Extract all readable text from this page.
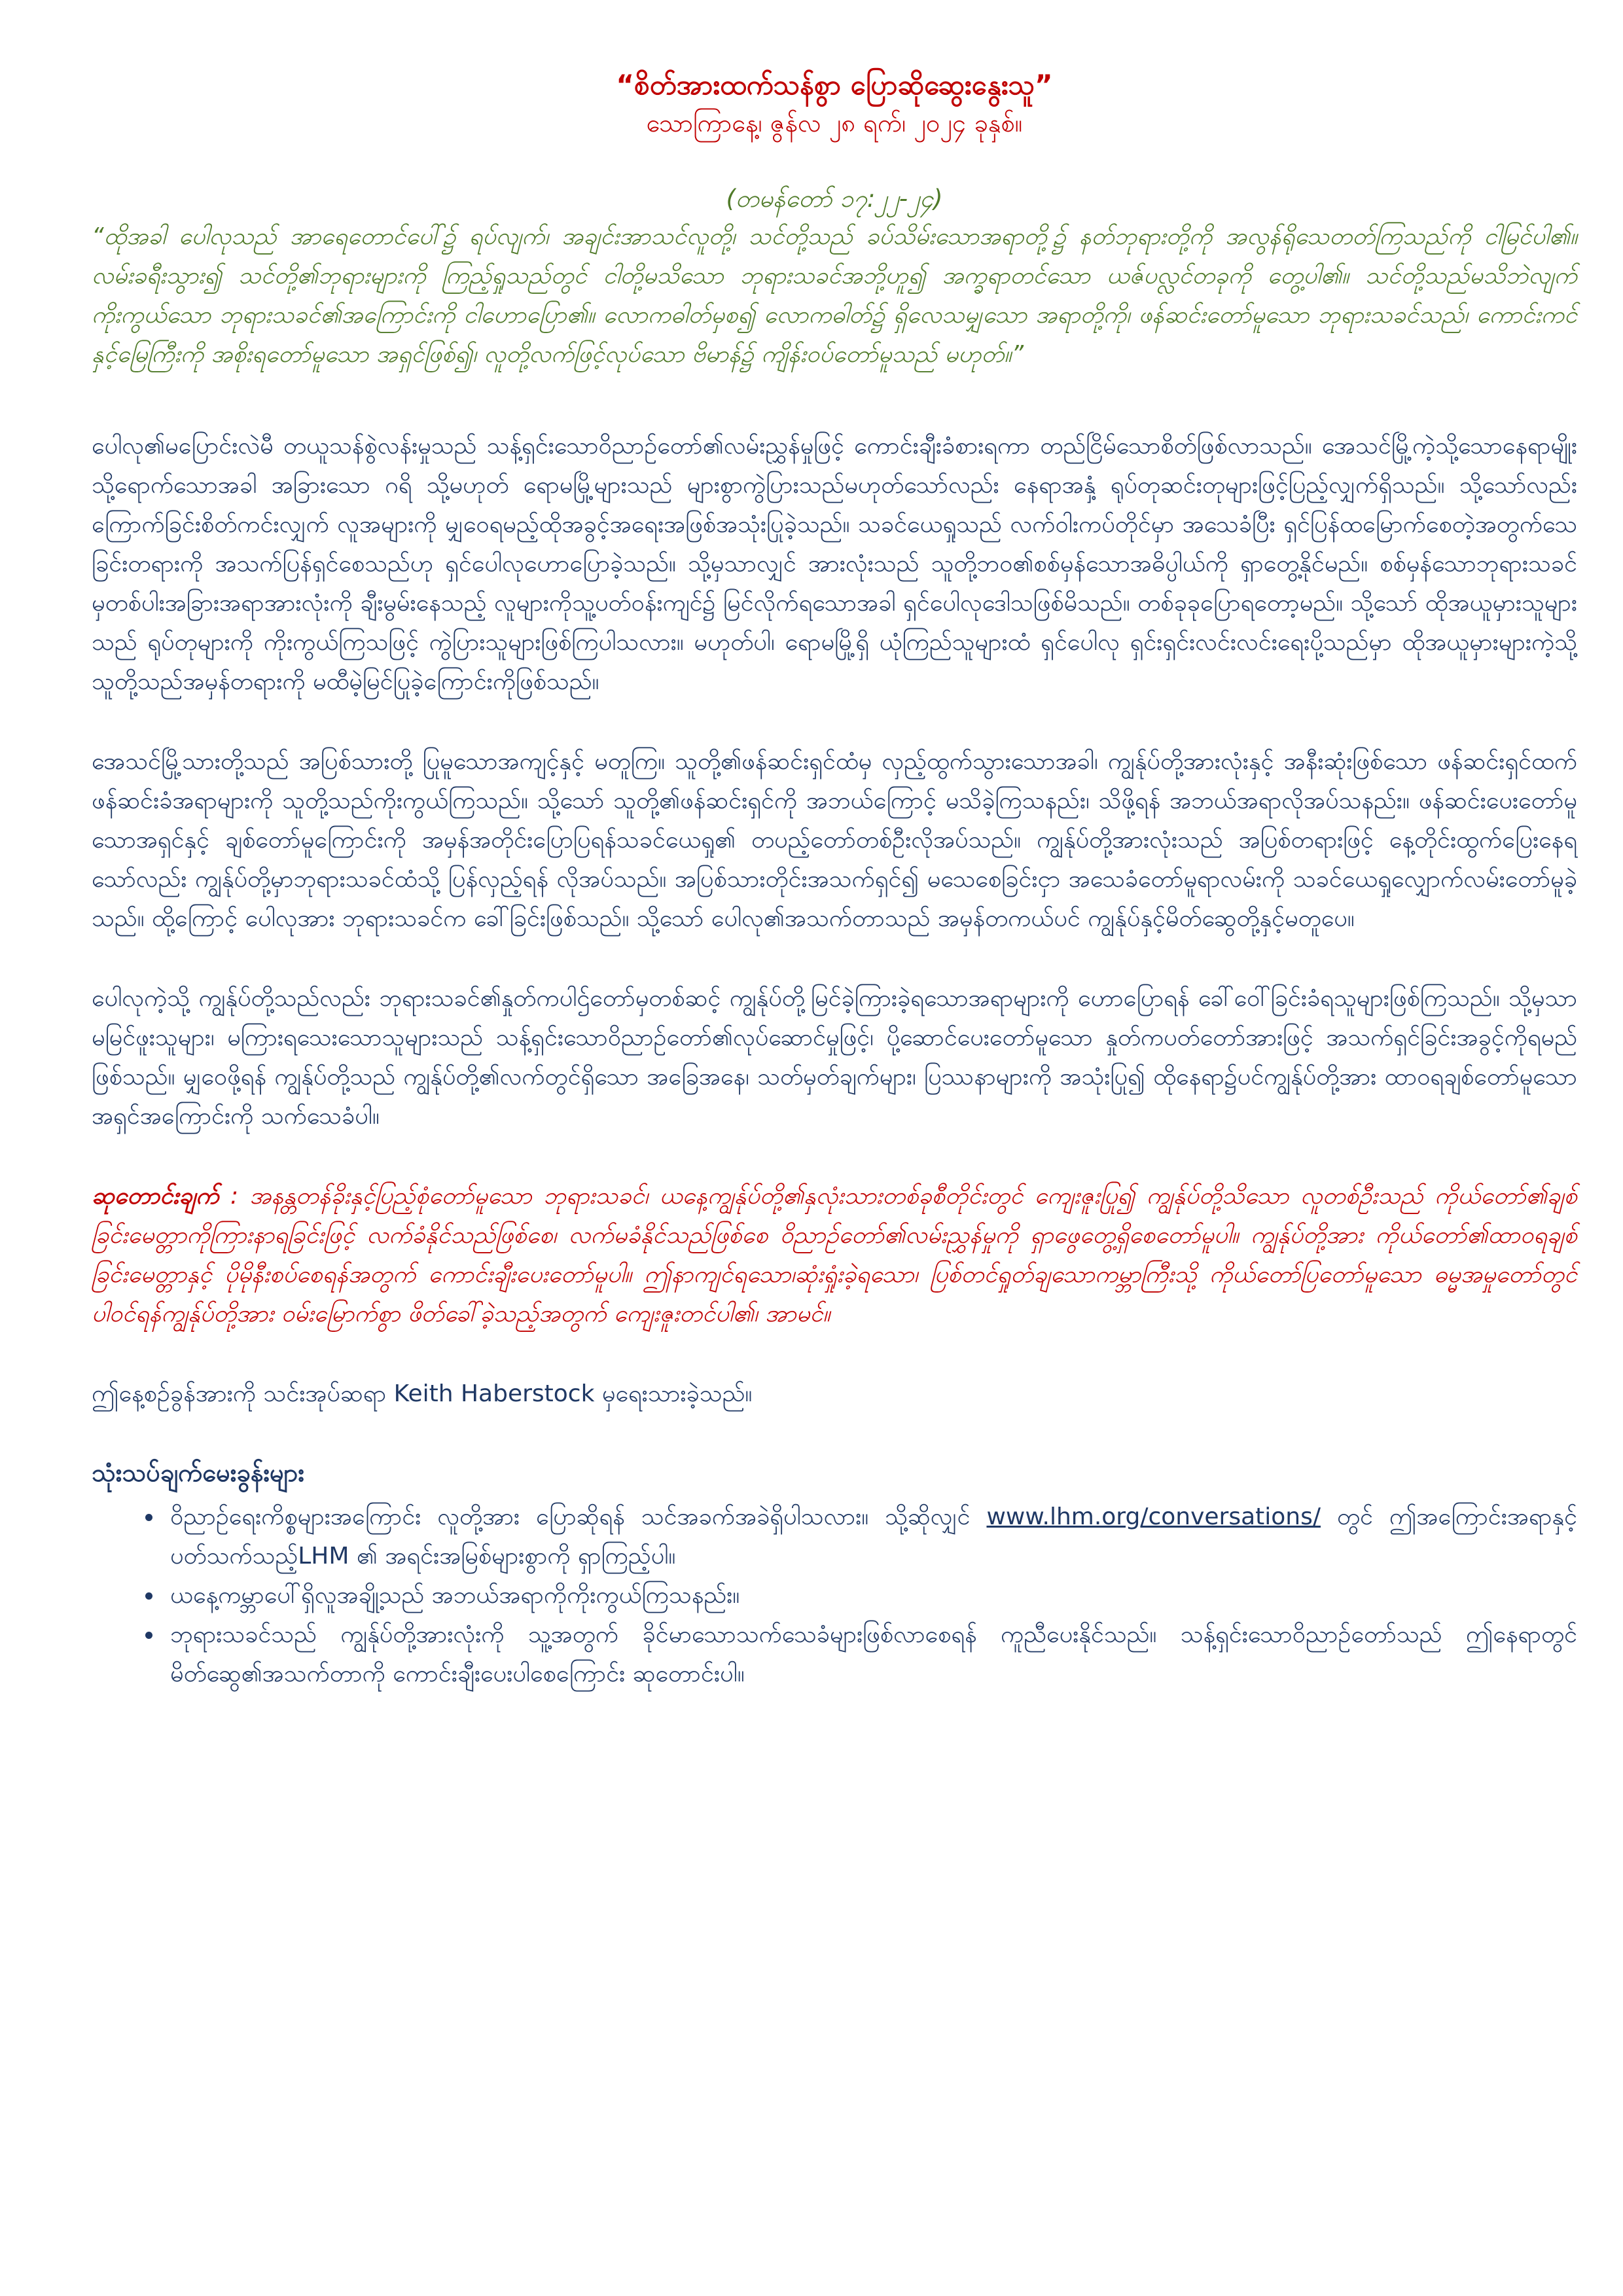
“စိတ်အားထက်သန်စွာ ပြောဆိုဆွေးနွေးသူ”

သောကြာနေ့၊ ဇွန်လ ၂၈ ရက်၊ ၂၀၂၄ ခုနှစ်။

(တမန်တော် ၁၇:၂၂-၂၄)

“ထိုအခါ ပေါလုသည် အာရေတောင်ပေါ်၌ ရပ်လျက်၊ အချင်းအာသင်လူတို့၊ သင်တို့သည် ခပ်သိမ်းသောအရာတို့၌ နတ်ဘုရားတို့ကို အလွန်ရိုသေတတ်ကြသည်ကို ငါမြင်ပါ၏။ လမ်းခရီးသွား၍ သင်တို့၏ဘုရားများကို ကြည့်ရှုသည်တွင် ငါတို့မသိသော ဘုရားသခင်အဘို့ဟူ၍ အက္ခရာတင်သော ယဇ်ပလ္လင်တခုကို တွေ့ပါ၏။ သင်တို့သည်မသိဘဲလျက်ကိုးကွယ်သော ဘုရားသခင်၏အကြောင်းကို ငါဟောပြော၏။ လောကဓါတ်မှစ၍ လောကဓါတ်၌ ရှိလေသမျှသော အရာတို့ကို၊ ဖန်ဆင်းတော်မူသော ဘုရားသခင်သည်၊ ကောင်းကင်နှင့်မြေကြီးကို အစိုးရတော်မူသော အရှင်ဖြစ်၍၊ လူတို့လက်ဖြင့်လုပ်သော ဗိမာန်၌ ကျိန်းဝပ်တော်မူသည် မဟုတ်။”

ပေါလု၏မပြောင်းလဲမီ တယူသန်စွဲလန်းမှုသည် သန့်ရှင်းသောဝိညာဉ်တော်၏လမ်းညွှန်မှုဖြင့် ကောင်းချီးခံစားရကာ တည်ငြိမ်သောစိတ်ဖြစ်လာသည်။ အေသင်မြို့ကဲ့သို့သောနေရာမျိုးသို့ရောက်သောအခါ အခြားသော ဂရိ သို့မဟုတ် ရောမမြို့များသည် များစွာကွဲပြားသည်မဟုတ်သော်လည်း နေရာအနှံ့ ရုပ်တုဆင်းတုများဖြင့်ပြည့်လျှက်ရှိသည်။ သို့သော်လည်း ကြောက်ခြင်းစိတ်ကင်းလျှက် လူအများကို မျှဝေရမည့်ထိုအခွင့်အရေးအဖြစ်အသုံးပြုခဲ့သည်။ သခင်ယေရှုသည် လက်ဝါးကပ်တိုင်မှာ အသေခံပြီး ရှင်ပြန်ထမြောက်စေတဲ့အတွက်သေခြင်းတရားကို အသက်ပြန်ရှင်စေသည်ဟု ရှင်ပေါလုဟောပြောခဲ့သည်။ သို့မှသာလျှင် အားလုံးသည် သူတို့ဘဝ၏စစ်မှန်သောအဓိပ္ပါယ်ကို ရှာတွေ့နိုင်မည်။ စစ်မှန်သောဘုရားသခင်မှတစ်ပါးအခြားအရာအားလုံးကို ချီးမွမ်းနေသည့် လူများကိုသူ့ပတ်ဝန်းကျင်၌ မြင်လိုက်ရသောအခါ ရှင်ပေါလုဒေါသဖြစ်မိသည်။ တစ်ခုခုပြောရတော့မည်။ သို့သော် ထိုအယူမှားသူများသည် ရုပ်တုများကို ကိုးကွယ်ကြသဖြင့် ကွဲပြားသူများဖြစ်ကြပါသလား။ မဟုတ်ပါ၊ ရောမမြို့ရှိ ယုံကြည်သူများထံ ရှင်ပေါလု ရှင်းရှင်းလင်းလင်းရေးပို့သည်မှာ ထိုအယူမှားများကဲ့သို့ သူတို့သည်အမှန်တရားကို မထီမဲ့မြင်ပြုခဲ့ကြောင်းကိုဖြစ်သည်။

အေသင်မြို့သားတို့သည် အပြစ်သားတို့ ပြုမူသောအကျင့်နှင့် မတူကြ။ သူတို့၏ဖန်ဆင်းရှင်ထံမှ လှည့်ထွက်သွားသောအခါ၊ ကျွန်ုပ်တို့အားလုံးနှင့် အနီးဆုံးဖြစ်သော ဖန်ဆင်းရှင်ထက် ဖန်ဆင်းခံအရာများကို သူတို့သည်ကိုးကွယ်ကြသည်။ သို့သော် သူတို့၏ဖန်ဆင်းရှင်ကို အဘယ်ကြောင့် မသိခဲ့ကြသနည်း၊ သိဖို့ရန် အဘယ်အရာလိုအပ်သနည်း။ ဖန်ဆင်းပေးတော်မူသောအရှင်နှင့် ချစ်တော်မူကြောင်းကို အမှန်အတိုင်းပြောပြရန်သခင်ယေရှု၏ တပည့်တော်တစ်ဦးလိုအပ်သည်။ ကျွန်ုပ်တို့အားလုံးသည် အပြစ်တရားဖြင့် နေ့တိုင်းထွက်ပြေးနေရသော်လည်း ကျွန်ုပ်တို့မှာဘုရားသခင်ထံသို့ ပြန်လှည့်ရန် လိုအပ်သည်။ အပြစ်သားတိုင်းအသက်ရှင်၍ မသေစေခြင်းငှာ အသေခံတော်မူရာလမ်းကို သခင်ယေရှုလျှောက်လမ်းတော်မူခဲ့သည်။ ထို့ကြောင့် ပေါလုအား ဘုရားသခင်က ခေါ်ခြင်းဖြစ်သည်။ သို့သော် ပေါလု၏အသက်တာသည် အမှန်တကယ်ပင် ကျွန်ုပ်နှင့်မိတ်ဆွေတို့နှင့်မတူပေ။

ပေါလုကဲ့သို့ ကျွန်ုပ်တို့သည်လည်း ဘုရားသခင်၏နှုတ်ကပါဌ်တော်မှတစ်ဆင့် ကျွန်ုပ်တို့မြင်ခဲ့ကြားခဲ့ရသောအရာများကို ဟောပြောရန် ခေါ်ဝေါ်ခြင်းခံရသူများဖြစ်ကြသည်။ သို့မှသာ မမြင်ဖူးသူများ၊ မကြားရသေးသောသူများသည် သန့်ရှင်းသောဝိညာဉ်တော်၏လုပ်ဆောင်မှုဖြင့်၊ ပို့ဆောင်ပေးတော်မူသော နှုတ်ကပတ်တော်အားဖြင့် အသက်ရှင်ခြင်းအခွင့်ကိုရမည်ဖြစ်သည်။ မျှဝေဖို့ရန် ကျွန်ုပ်တို့သည် ကျွန်ုပ်တို့၏လက်တွင်ရှိသော အခြေအနေ၊ သတ်မှတ်ချက်များ၊ ပြဿနာများကို အသုံးပြု၍ ထိုနေရာ၌ပင်ကျွန်ုပ်တို့အား ထာဝရချစ်တော်မူသောအရှင်အကြောင်းကို သက်သေခံပါ။

ဆုတောင်းချက် : အနန္တတန်ခိုးနှင့်ပြည့်စုံတော်မူသော ဘုရားသခင်၊ ယနေ့ကျွန်ုပ်တို့၏နှလုံးသားတစ်ခုစီတိုင်းတွင် ကျေးဇူးပြု၍ ကျွန်ုပ်တို့သိသော လူတစ်ဦးသည် ကိုယ်တော်၏ချစ်ခြင်းမေတ္တာကိုကြားနာရခြင်းဖြင့် လက်ခံနိုင်သည်ဖြစ်စေ၊ လက်မခံနိုင်သည်ဖြစ်စေ ဝိညာဉ်တော်၏လမ်းညွှန်မှုကို ရှာဖွေတွေ့ရှိစေတော်မူပါ။ ကျွန်ုပ်တို့အား ကိုယ်တော်၏ထာဝရချစ်ခြင်းမေတ္တာနှင့် ပိုမိုနီးစပ်စေရန်အတွက် ကောင်းချီးပေးတော်မူပါ။ ဤနာကျင်ရသော၊ဆုံးရှုံးခဲ့ရသော၊ ပြစ်တင်ရှုတ်ချသောကမ္ဘာကြီးသို့ ကိုယ်တော်ပြတော်မူသော ဓမ္မအမှုတော်တွင်ပါဝင်ရန်ကျွန်ုပ်တို့အား ဝမ်းမြောက်စွာ ဖိတ်ခေါ်ခဲ့သည့်အတွက် ကျေးဇူးတင်ပါ၏၊ အာမင်။

ဤနေ့စဉ်ခွန်အားကို သင်းအုပ်ဆရာ Keith Haberstock မှရေးသားခဲ့သည်။

သုံးသပ်ချက်မေးခွန်းများ
• ဝိညာဉ်ရေးကိစ္စများအကြောင်း လူတို့အား ပြောဆိုရန် သင်အခက်အခဲရှိပါသလား။ သို့ဆိုလျှင် www.lhm.org/conversations/ တွင် ဤအကြောင်းအရာနှင့်ပတ်သက်သည့်LHM ၏ အရင်းအမြစ်များစွာကို ရှာကြည့်ပါ။
• ယနေ့ကမ္ဘာပေါ်ရှိလူအချို့သည် အဘယ်အရာကိုကိုးကွယ်ကြသနည်း။
• ဘုရားသခင်သည် ကျွန်ုပ်တို့အားလုံးကို သူ့အတွက် ခိုင်မာသောသက်သေခံများဖြစ်လာစေရန် ကူညီပေးနိုင်သည်။ သန့်ရှင်းသောဝိညာဉ်တော်သည် ဤနေရာတွင်မိတ်ဆွေ၏အသက်တာကို ကောင်းချီးပေးပါစေကြောင်း ဆုတောင်းပါ။
